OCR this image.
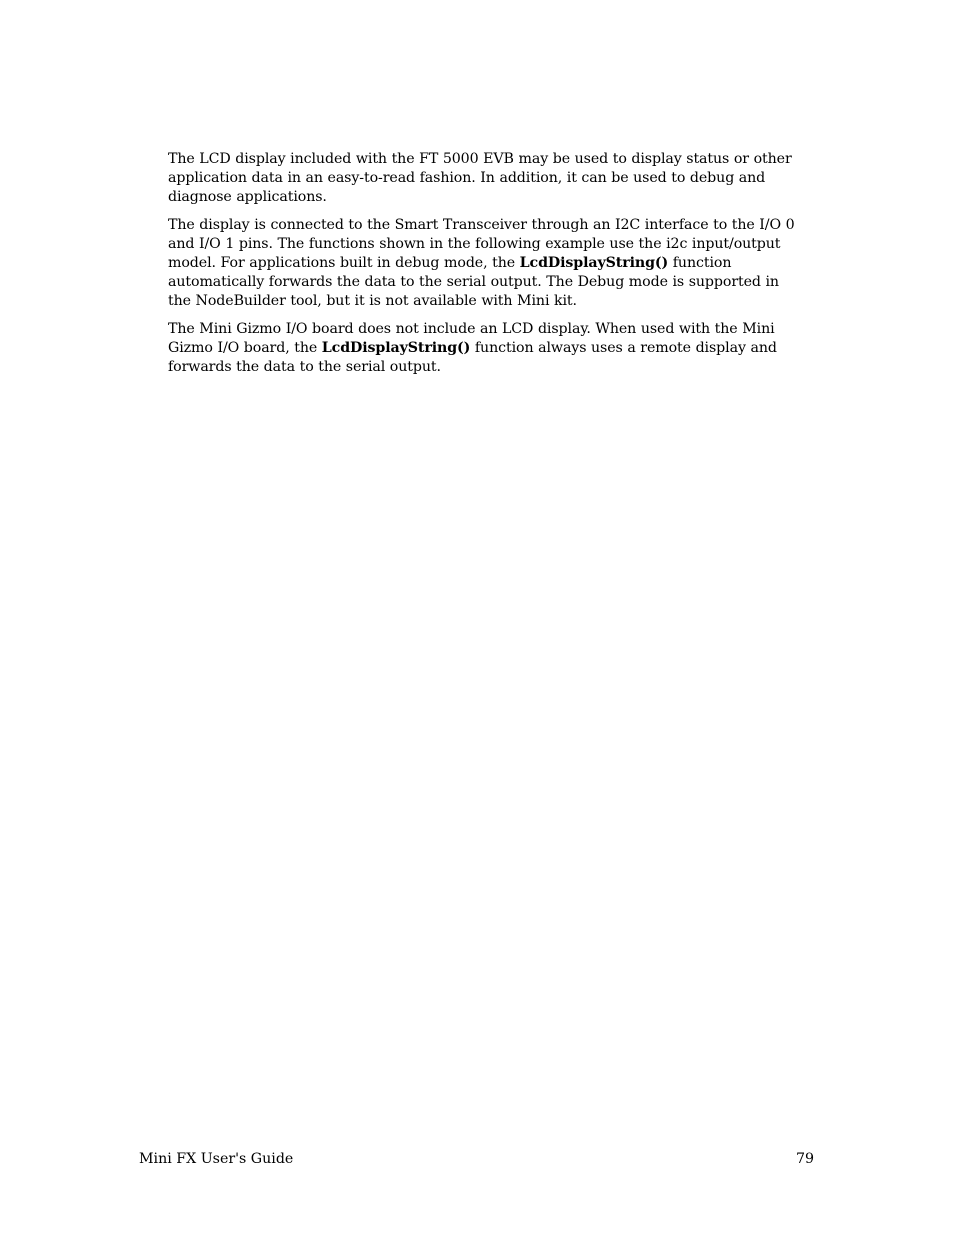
The LCD display included with the FT 5000 EVB may be used to display status or other
application data in an easy-to-read fashion. In addition, it can be used to debug and
diagnose applications.

The display is connected to the Smart Transceiver through an I2C interface to the I/O 0
and I/O 1 pins. The functions shown in the following example use the i2c input/output
model. For applications built in debug mode, the LcdDisplayString() function
automatically forwards the data to the serial output. The Debug mode is supported in
the NodeBuilder tool, but it is not available with Mini kit.

The Mini Gizmo I/O board does not include an LCD display. When used with the Mini
Gizmo I/O board, the LcdDisplayString() function always uses a remote display and
forwards the data to the serial output.

Mini FX User's Guide	79
